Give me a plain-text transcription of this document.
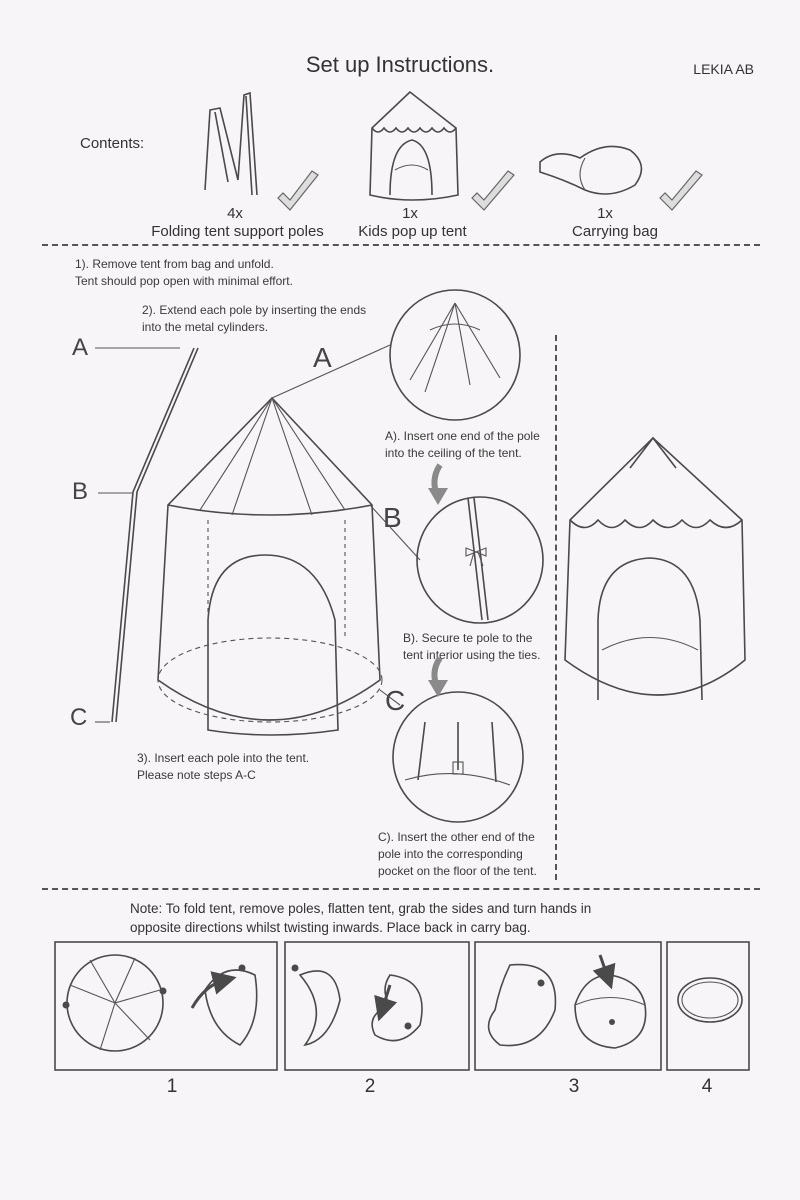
Set up Instructions.	LEKIA AB
Contents:
4x
Folding tent support poles
1x
Kids pop up tent
1x
Carrying bag
1). Remove tent from bag and unfold.
Tent should pop open with minimal effort.
2). Extend each pole by inserting the ends
into the metal cylinders.
3). Insert each pole into the tent.
Please note steps A-C
A
B
C
A
B
C
A). Insert one end of the pole
into the ceiling of the tent.
B). Secure te pole to the
tent interior using the ties.
C). Insert the other end of the
pole into the corresponding
pocket on the floor of the tent.
Note: To fold tent, remove poles, flatten tent, grab the sides and turn hands in
opposite directions whilst twisting inwards. Place back in carry bag.
1	2	3	4
